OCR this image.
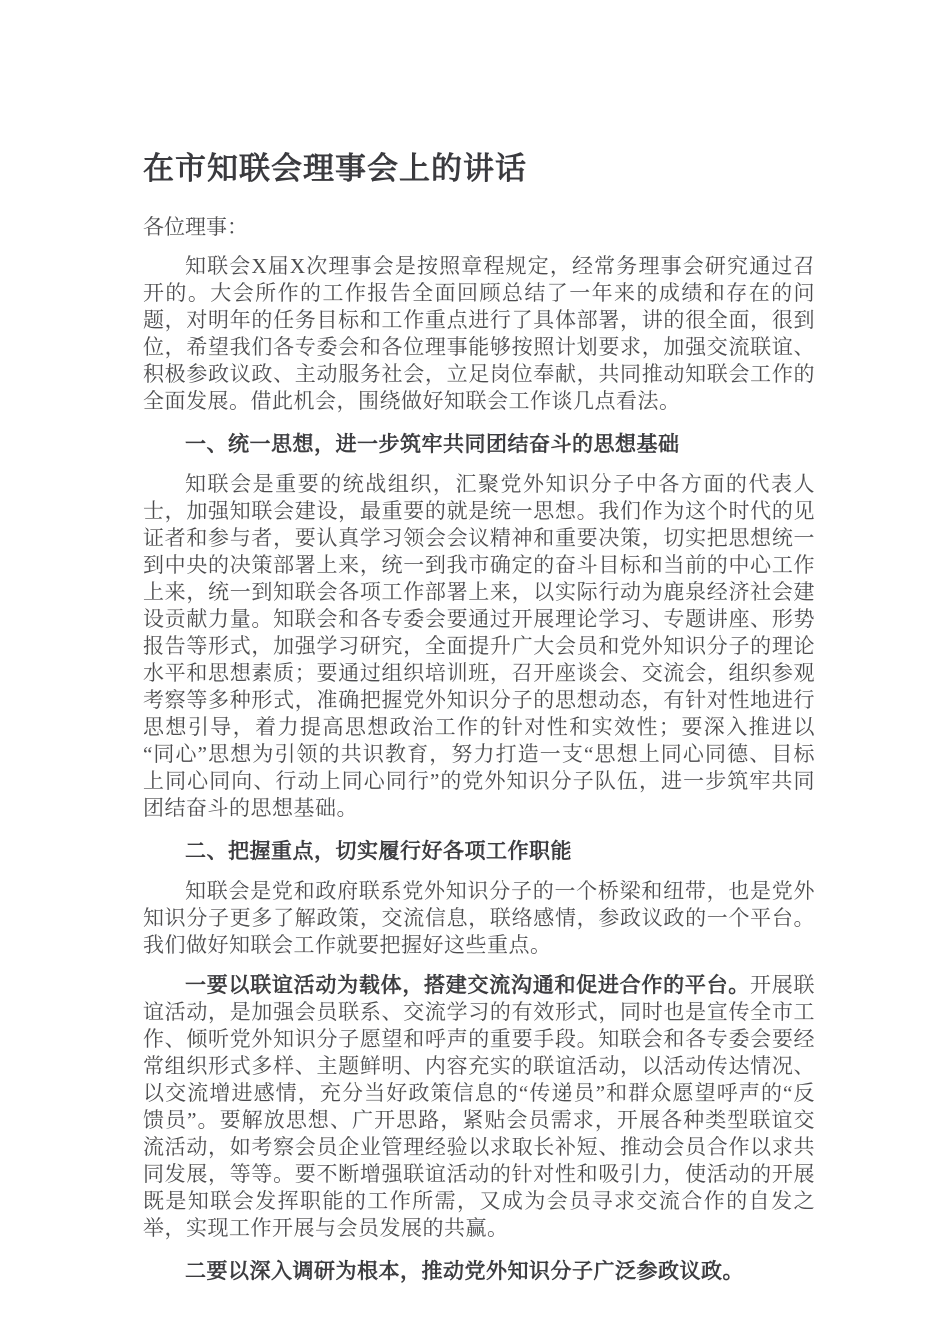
在市知联会理事会上的讲话

各位理事：

知联会X届X次理事会是按照章程规定，经常务理事会研究通过召开的。大会所作的工作报告全面回顾总结了一年来的成绩和存在的问题，对明年的任务目标和工作重点进行了具体部署，讲的很全面，很到位，希望我们各专委会和各位理事能够按照计划要求，加强交流联谊、积极参政议政、主动服务社会，立足岗位奉献，共同推动知联会工作的全面发展。借此机会，围绕做好知联会工作谈几点看法。

一、统一思想，进一步筑牢共同团结奋斗的思想基础

知联会是重要的统战组织，汇聚党外知识分子中各方面的代表人士，加强知联会建设，最重要的就是统一思想。我们作为这个时代的见证者和参与者，要认真学习领会会议精神和重要决策，切实把思想统一到中央的决策部署上来，统一到我市确定的奋斗目标和当前的中心工作上来，统一到知联会各项工作部署上来，以实际行动为鹿泉经济社会建设贡献力量。知联会和各专委会要通过开展理论学习、专题讲座、形势报告等形式，加强学习研究，全面提升广大会员和党外知识分子的理论水平和思想素质；要通过组织培训班，召开座谈会、交流会，组织参观考察等多种形式，准确把握党外知识分子的思想动态，有针对性地进行思想引导，着力提高思想政治工作的针对性和实效性；要深入推进以“同心”思想为引领的共识教育，努力打造一支“思想上同心同德、目标上同心同向、行动上同心同行”的党外知识分子队伍，进一步筑牢共同团结奋斗的思想基础。

二、把握重点，切实履行好各项工作职能

知联会是党和政府联系党外知识分子的一个桥梁和纽带，也是党外知识分子更多了解政策，交流信息，联络感情，参政议政的一个平台。我们做好知联会工作就要把握好这些重点。

一要以联谊活动为载体，搭建交流沟通和促进合作的平台。开展联谊活动，是加强会员联系、交流学习的有效形式，同时也是宣传全市工作、倾听党外知识分子愿望和呼声的重要手段。知联会和各专委会要经常组织形式多样、主题鲜明、内容充实的联谊活动，以活动传达情况、以交流增进感情，充分当好政策信息的“传递员”和群众愿望呼声的“反馈员”。要解放思想、广开思路，紧贴会员需求，开展各种类型联谊交流活动，如考察会员企业管理经验以求取长补短、推动会员合作以求共同发展，等等。要不断增强联谊活动的针对性和吸引力，使活动的开展既是知联会发挥职能的工作所需，又成为会员寻求交流合作的自发之举，实现工作开展与会员发展的共赢。

二要以深入调研为根本，推动党外知识分子广泛参政议政。
